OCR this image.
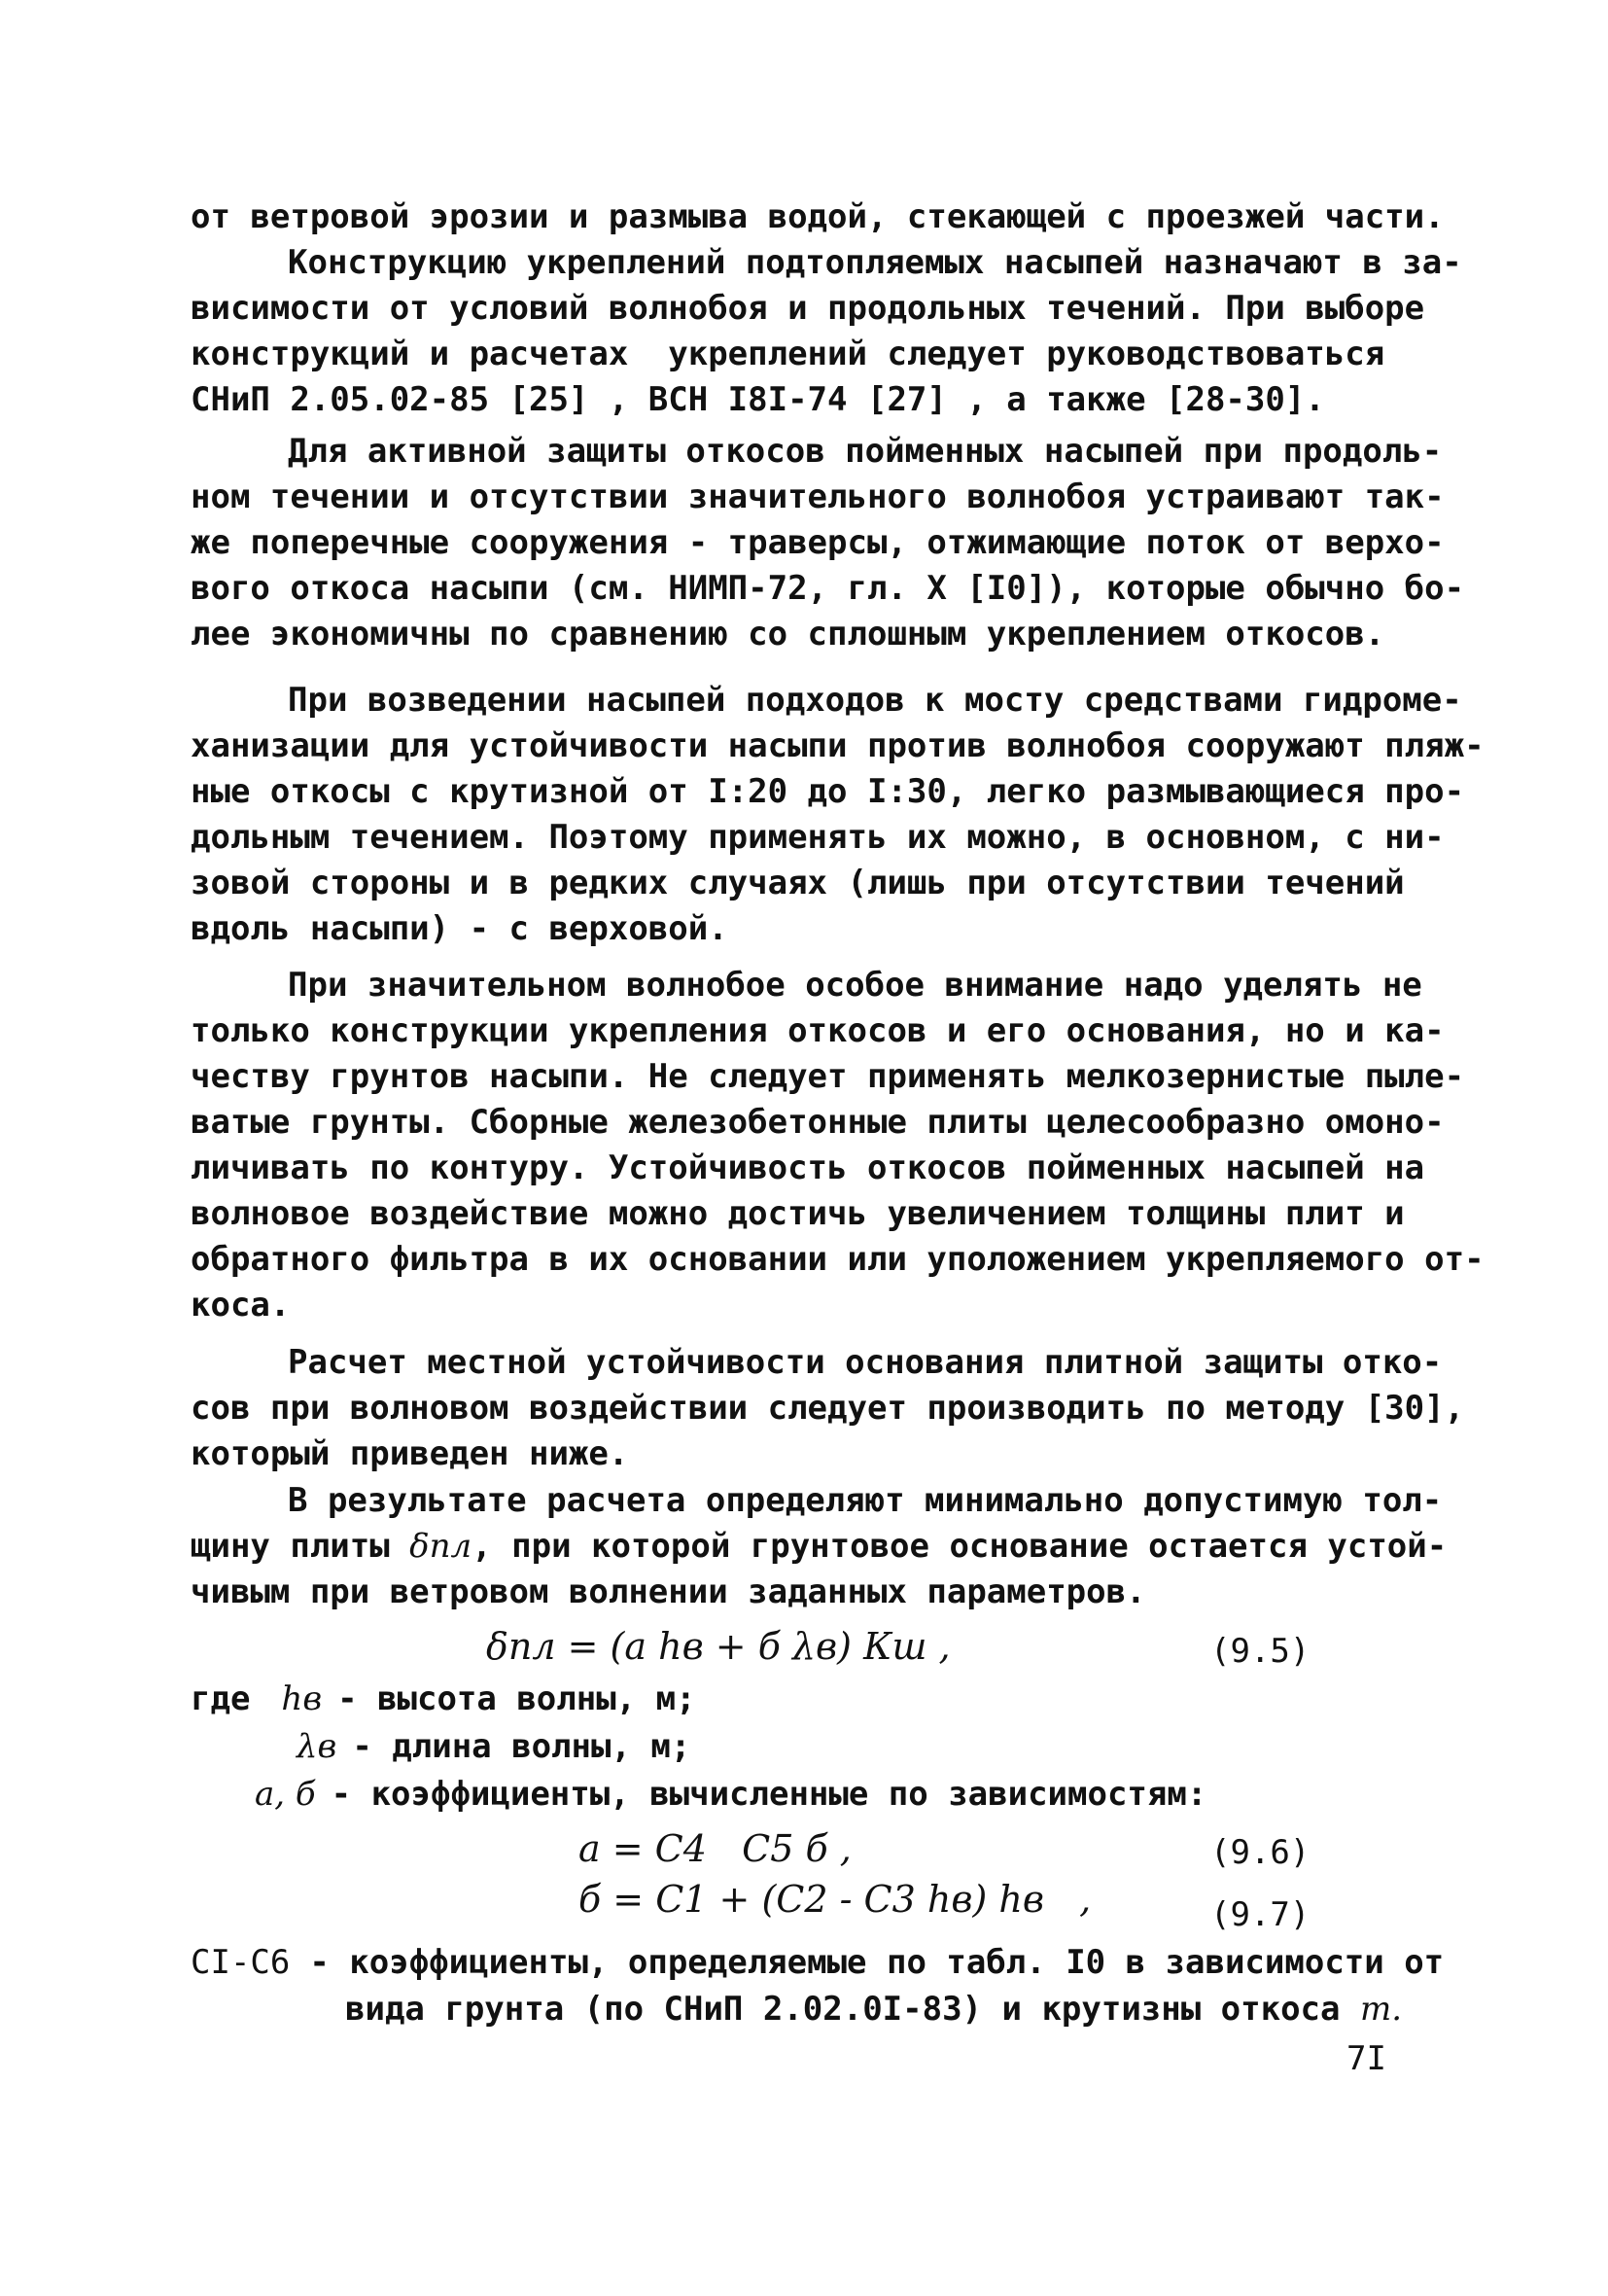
от ветровой эрозии и размыва водой, стекающей с проезжей части.
Конструкцию укреплений подтопляемых насыпей назначают в за-
висимости от условий волнобоя и продольных течений. При выборе
конструкций и расчетах  укреплений следует руководствоваться
СНиП 2.05.02-85 [25] , ВСН I8I-74 [27] , а также [28-30].
Для активной защиты откосов пойменных насыпей при продоль-
ном течении и отсутствии значительного волнобоя устраивают так-
же поперечные сооружения - траверсы, отжимающие поток от верхо-
вого откоса насыпи (см. НИМП-72, гл. X [I0]), которые обычно бо-
лее экономичны по сравнению со сплошным укреплением откосов.
При возведении насыпей подходов к мосту средствами гидроме-
ханизации для устойчивости насыпи против волнобоя сооружают пляж-
ные откосы с крутизной от I:20 до I:30, легко размывающиеся про-
дольным течением. Поэтому применять их можно, в основном, с ни-
зовой стороны и в редких случаях (лишь при отсутствии течений
вдоль насыпи) - с верховой.
При значительном волнобое особое внимание надо уделять не
только конструкции укрепления откосов и его основания, но и ка-
честву грунтов насыпи. Не следует применять мелкозернистые пыле-
ватые грунты. Сборные железобетонные плиты целесообразно омоно-
личивать по контуру. Устойчивость откосов пойменных насыпей на
волновое воздействие можно достичь увеличением толщины плит и
обратного фильтра в их основании или уположением укрепляемого от-
коса.
Расчет местной устойчивости основания плитной защиты отко-
сов при волновом воздействии следует производить по методу [30],
который приведен ниже.
В результате расчета определяют минимально допустимую тол-
щину плиты δпл, при которой грунтовое основание остается устой-
чивым при ветровом волнении заданных параметров.
δпл = (a hв + б λв) Кш ,	(9.5)
где hв - высота волны, м;
λв - длина волны, м;
a, б - коэффициенты, вычисленные по зависимостям:
a = C4   C5 б ,	(9.6)
б = C1 + (C2 - C3 hв) hв   ,	(9.7)
CI-C6 - коэффициенты, определяемые по табл. I0 в зависимости от
вида грунта (по СНиП 2.02.0I-83) и крутизны откоса m.
7I
